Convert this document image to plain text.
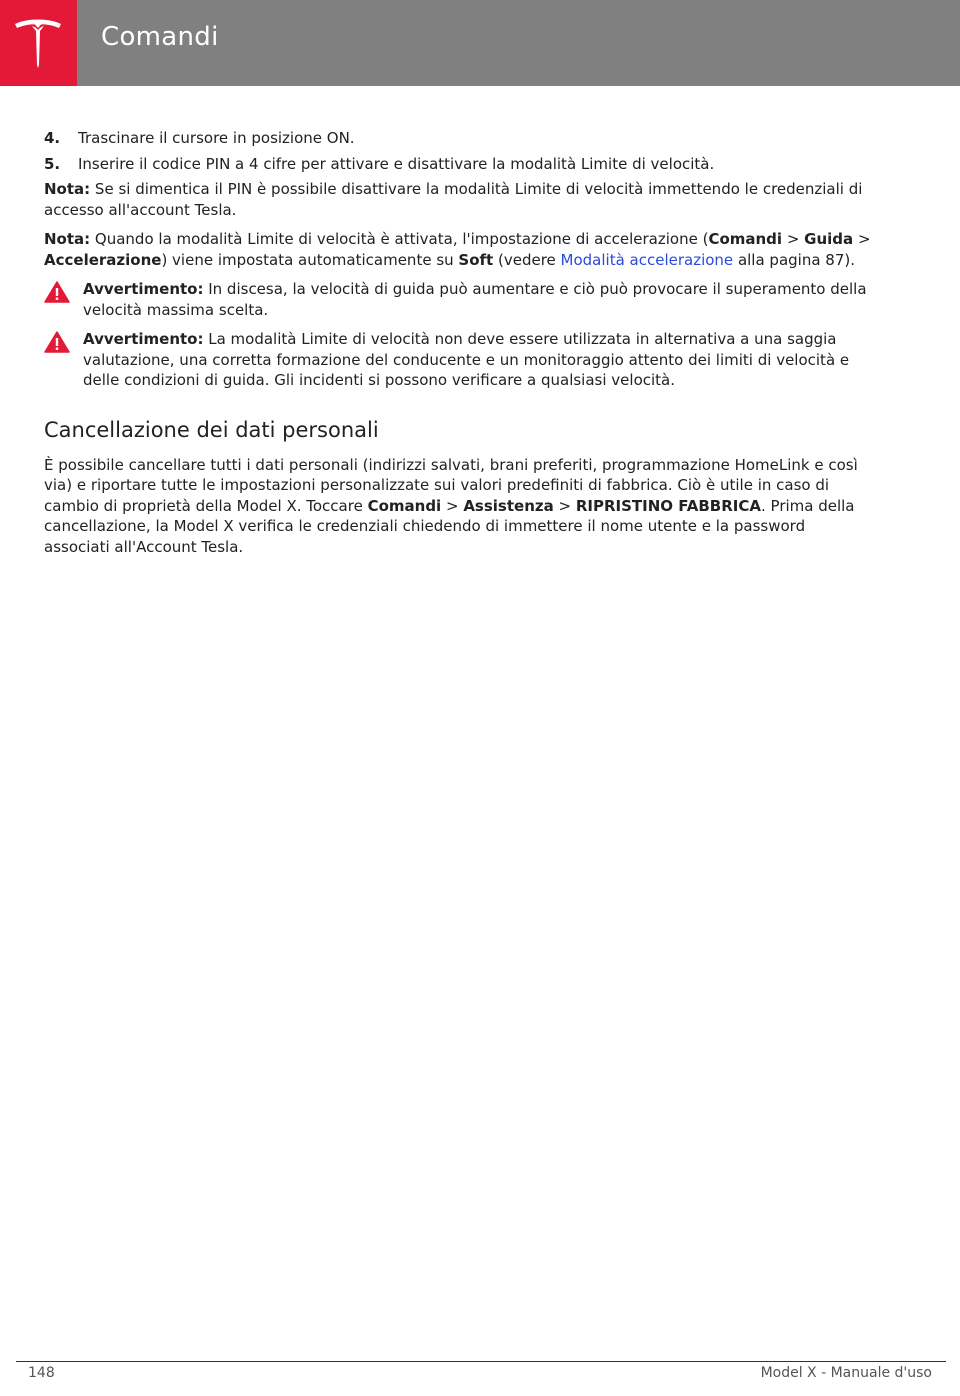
Comandi
4.	Trascinare il cursore in posizione ON.
5.	Inserire il codice PIN a 4 cifre per attivare e disattivare la modalità Limite di velocità.

Nota: Se si dimentica il PIN è possibile disattivare la modalità Limite di velocità immettendo le credenziali di accesso all'account Tesla.

Nota: Quando la modalità Limite di velocità è attivata, l'impostazione di accelerazione (Comandi > Guida > Accelerazione) viene impostata automaticamente su Soft (vedere Modalità accelerazione alla pagina 87).

Avvertimento: In discesa, la velocità di guida può aumentare e ciò può provocare il superamento della velocità massima scelta.
Avvertimento: La modalità Limite di velocità non deve essere utilizzata in alternativa a una saggia valutazione, una corretta formazione del conducente e un monitoraggio attento dei limiti di velocità e delle condizioni di guida. Gli incidenti si possono verificare a qualsiasi velocità.
Cancellazione dei dati personali

È possibile cancellare tutti i dati personali (indirizzi salvati, brani preferiti, programmazione HomeLink e così via) e riportare tutte le impostazioni personalizzate sui valori predefiniti di fabbrica. Ciò è utile in caso di cambio di proprietà della Model X. Toccare Comandi > Assistenza > RIPRISTINO FABBRICA. Prima della cancellazione, la Model X verifica le credenziali chiedendo di immettere il nome utente e la password associati all'Account Tesla.

148	Model X - Manuale d'uso
